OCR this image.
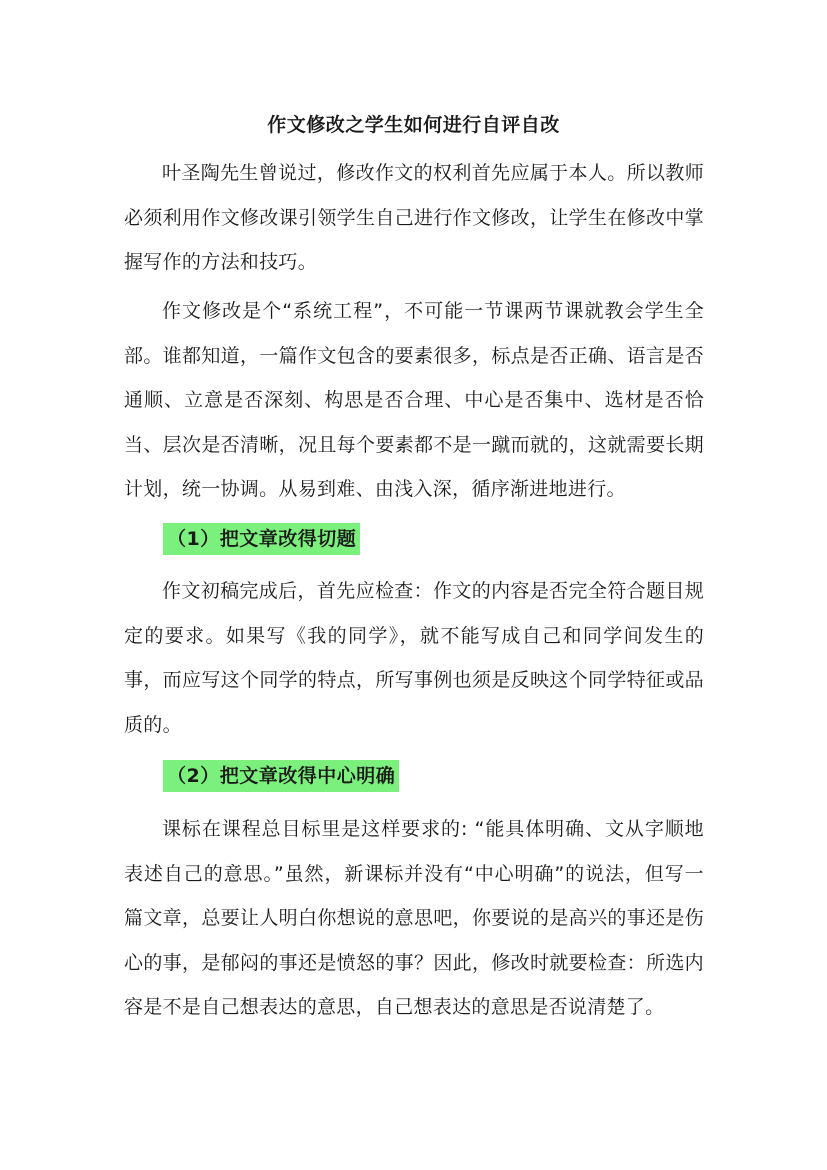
作文修改之学生如何进行自评自改

叶圣陶先生曾说过，修改作文的权利首先应属于本人。所以教师必须利用作文修改课引领学生自己进行作文修改，让学生在修改中掌握写作的方法和技巧。

作文修改是个“系统工程”，不可能一节课两节课就教会学生全部。谁都知道，一篇作文包含的要素很多，标点是否正确、语言是否通顺、立意是否深刻、构思是否合理、中心是否集中、选材是否恰当、层次是否清晰，况且每个要素都不是一蹴而就的，这就需要长期计划，统一协调。从易到难、由浅入深，循序渐进地进行。

（1）把文章改得切题

作文初稿完成后，首先应检查：作文的内容是否完全符合题目规定的要求。如果写《我的同学》，就不能写成自己和同学间发生的事，而应写这个同学的特点，所写事例也须是反映这个同学特征或品质的。

（2）把文章改得中心明确

课标在课程总目标里是这样要求的: “能具体明确、文从字顺地表述自己的意思。”虽然，新课标并没有“中心明确”的说法，但写一篇文章，总要让人明白你想说的意思吧，你要说的是高兴的事还是伤心的事，是郁闷的事还是愤怒的事？因此，修改时就要检查：所选内容是不是自己想表达的意思，自己想表达的意思是否说清楚了。
